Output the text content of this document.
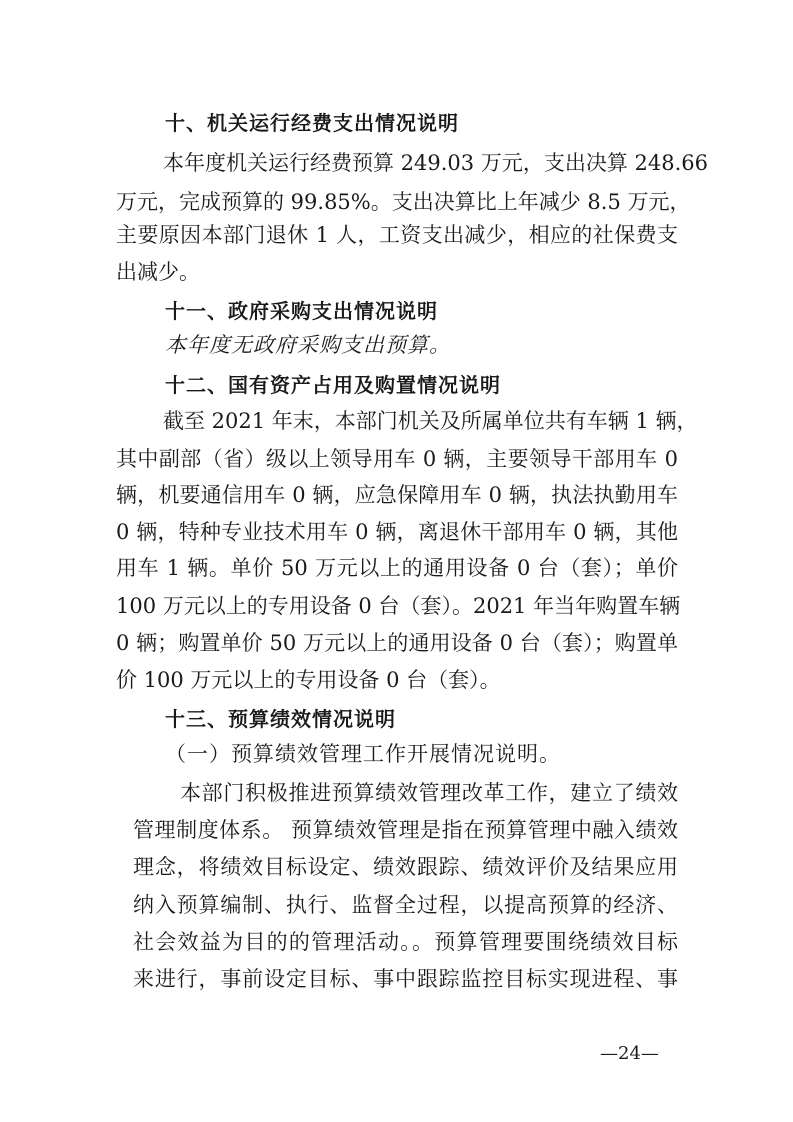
十、机关运行经费支出情况说明
本年度机关运行经费预算 249.03 万元，支出决算 248.66
万元，完成预算的 99.85%。支出决算比上年减少 8.5 万元，
主要原因本部门退休 1 人，工资支出减少，相应的社保费支
出减少。
十一、政府采购支出情况说明
本年度无政府采购支出预算。
十二、国有资产占用及购置情况说明
截至 2021 年末，本部门机关及所属单位共有车辆 1 辆，
其中副部（省）级以上领导用车 0 辆，主要领导干部用车 0
辆，机要通信用车 0 辆，应急保障用车 0 辆，执法执勤用车
0 辆，特种专业技术用车 0 辆，离退休干部用车 0 辆，其他
用车 1 辆。单价 50 万元以上的通用设备 0 台（套）；单价
100 万元以上的专用设备 0 台（套）。2021 年当年购置车辆
0 辆；购置单价 50 万元以上的通用设备 0 台（套）；购置单
价 100 万元以上的专用设备 0 台（套）。
十三、预算绩效情况说明
（一）预算绩效管理工作开展情况说明。
本部门积极推进预算绩效管理改革工作，建立了绩效
管理制度体系。 预算绩效管理是指在预算管理中融入绩效
理念，将绩效目标设定、绩效跟踪、绩效评价及结果应用
纳入预算编制、执行、监督全过程，以提高预算的经济、
社会效益为目的的管理活动。。预算管理要围绕绩效目标
来进行，事前设定目标、事中跟踪监控目标实现进程、事
—24—
